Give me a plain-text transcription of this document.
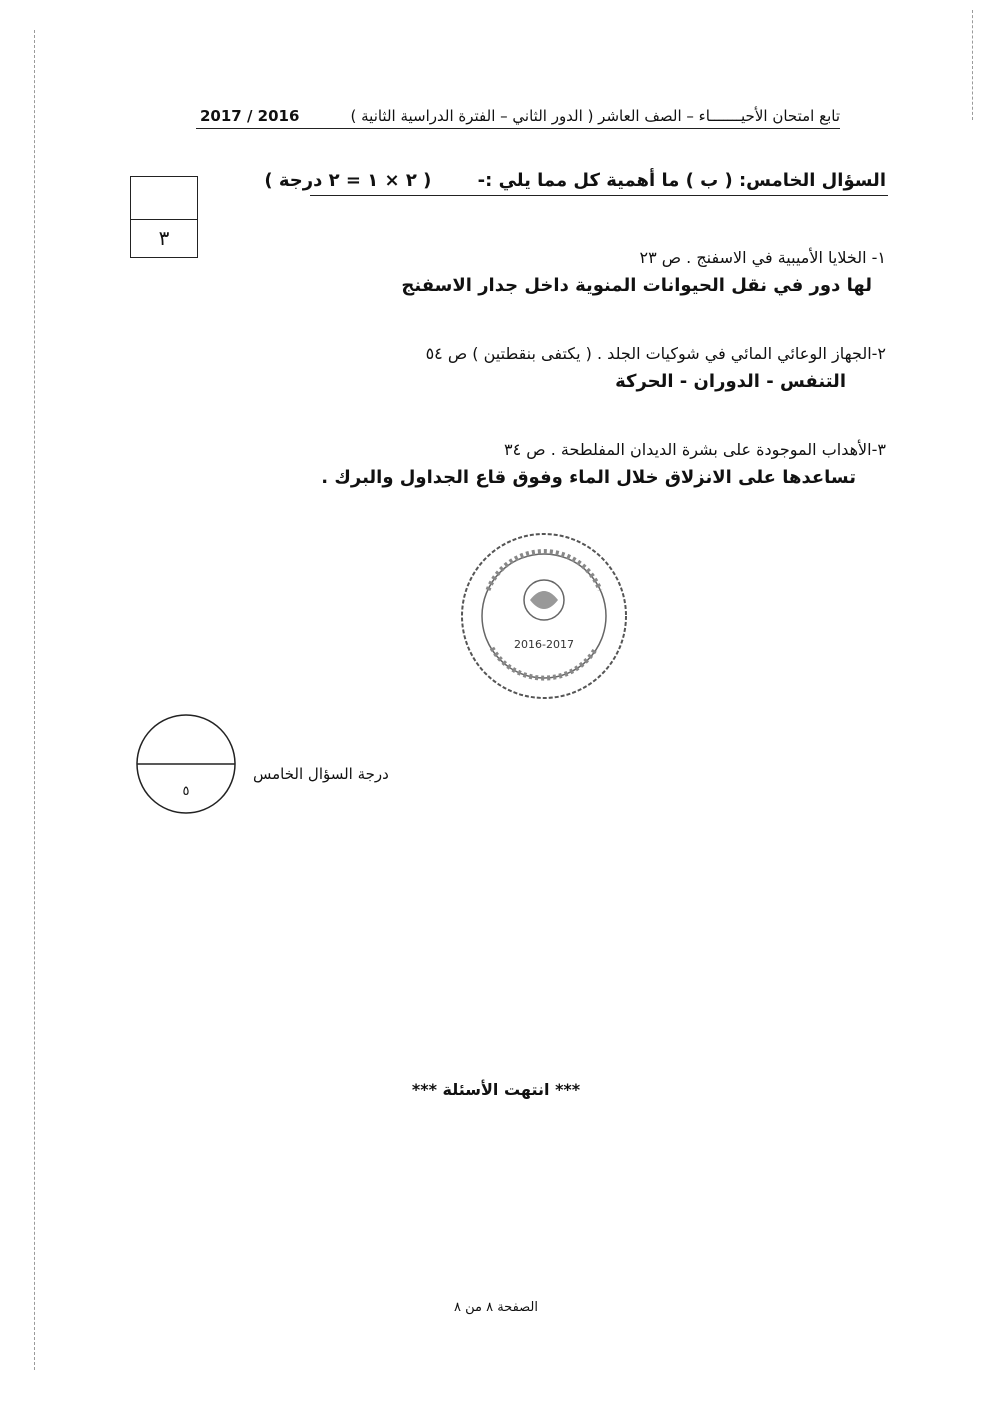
تابع امتحان الأحيـــــــاء – الصف العاشر ( الدور الثاني – الفترة الدراسية الثانية )
2017 / 2016
٣
السؤال الخامس: ( ب ) ما أهمية كل مما يلي :- ( ٢ × ١ = ٢ درجة )
١- الخلايا الأميبية في الاسفنج . ص ٢٣
لها دور في نقل الحيوانات المنوية داخل جدار الاسفنج
٢-الجهاز الوعائي المائي في شوكيات الجلد . ( يكتفى بنقطتين ) ص ٥٤
التنفس - الدوران - الحركة
٣-الأهداب الموجودة على بشرة الديدان المفلطحة . ص ٣٤
تساعدها على الانزلاق خلال الماء وفوق قاع الجداول والبرك .
2016-2017
٥
درجة السؤال الخامس
*** انتهت الأسئلة ***
الصفحة ٨ من ٨
